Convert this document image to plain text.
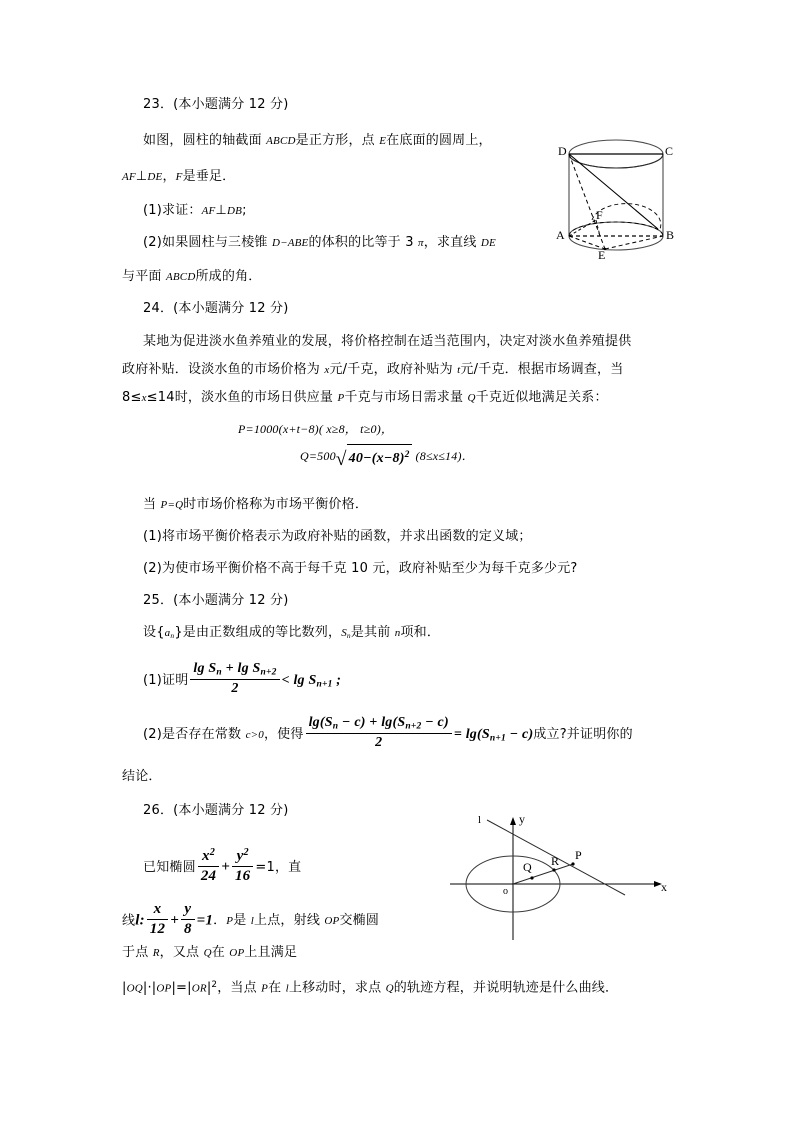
23．(本小题满分 12 分)
如图，圆柱的轴截面 ABCD是正方形，点 E在底面的圆周上，
AF⊥DE，F是垂足．
(1)求证：AF⊥DB;
(2)如果圆柱与三棱锥 D−ABE的体积的比等于 3 π，求直线 DE
与平面 ABCD所成的角．
D	C
A	B
F
E
24．(本小题满分 12 分)
某地为促进淡水鱼养殖业的发展，将价格控制在适当范围内，决定对淡水鱼养殖提供
政府补贴．设淡水鱼的市场价格为 x元/千克，政府补贴为 t元/千克．根据市场调查，当
8≤x≤14时，淡水鱼的市场日供应量 P千克与市场日需求量 Q千克近似地满足关系：
P=1000(x+t−8)( x≥8， t≥0)，
Q=500√ $40-(x-8)^2$ (8≤x≤14)．
当 P=Q时市场价格称为市场平衡价格．
(1)将市场平衡价格表示为政府补贴的函数，并求出函数的定义域；
(2)为使市场平衡价格不高于每千克 10 元，政府补贴至少为每千克多少元?
25．(本小题满分 12 分)
设$\{a_n\}$是由正数组成的等比数列，$S_n$是其前 n项和．
(1)证明 $\frac{\lg S_n + \lg S_{n+2}}{2} < \lg S_{n+1}$ ;
(2)是否存在常数 c>0，使得 $\frac{\lg(S_n - c) + \lg(S_{n+2} - c)}{2} = \lg(S_{n+1} - c)$成立?并证明你的
结论．
26．(本小题满分 12 分)
已知椭圆 $\frac{x^2}{24} + \frac{y^2}{16} =1$，直
线l: $\frac{x}{12} + \frac{y}{8} =1$．P是 l上点，射线 OP交椭圆
于点 R，又点 Q在 OP上且满足
$|OQ|\cdot|OP|=|OR|^2$，当点 P在 l上移动时，求点 Q的轨迹方程，并说明轨迹是什么曲线．
y
x
o
l
P
R
Q
